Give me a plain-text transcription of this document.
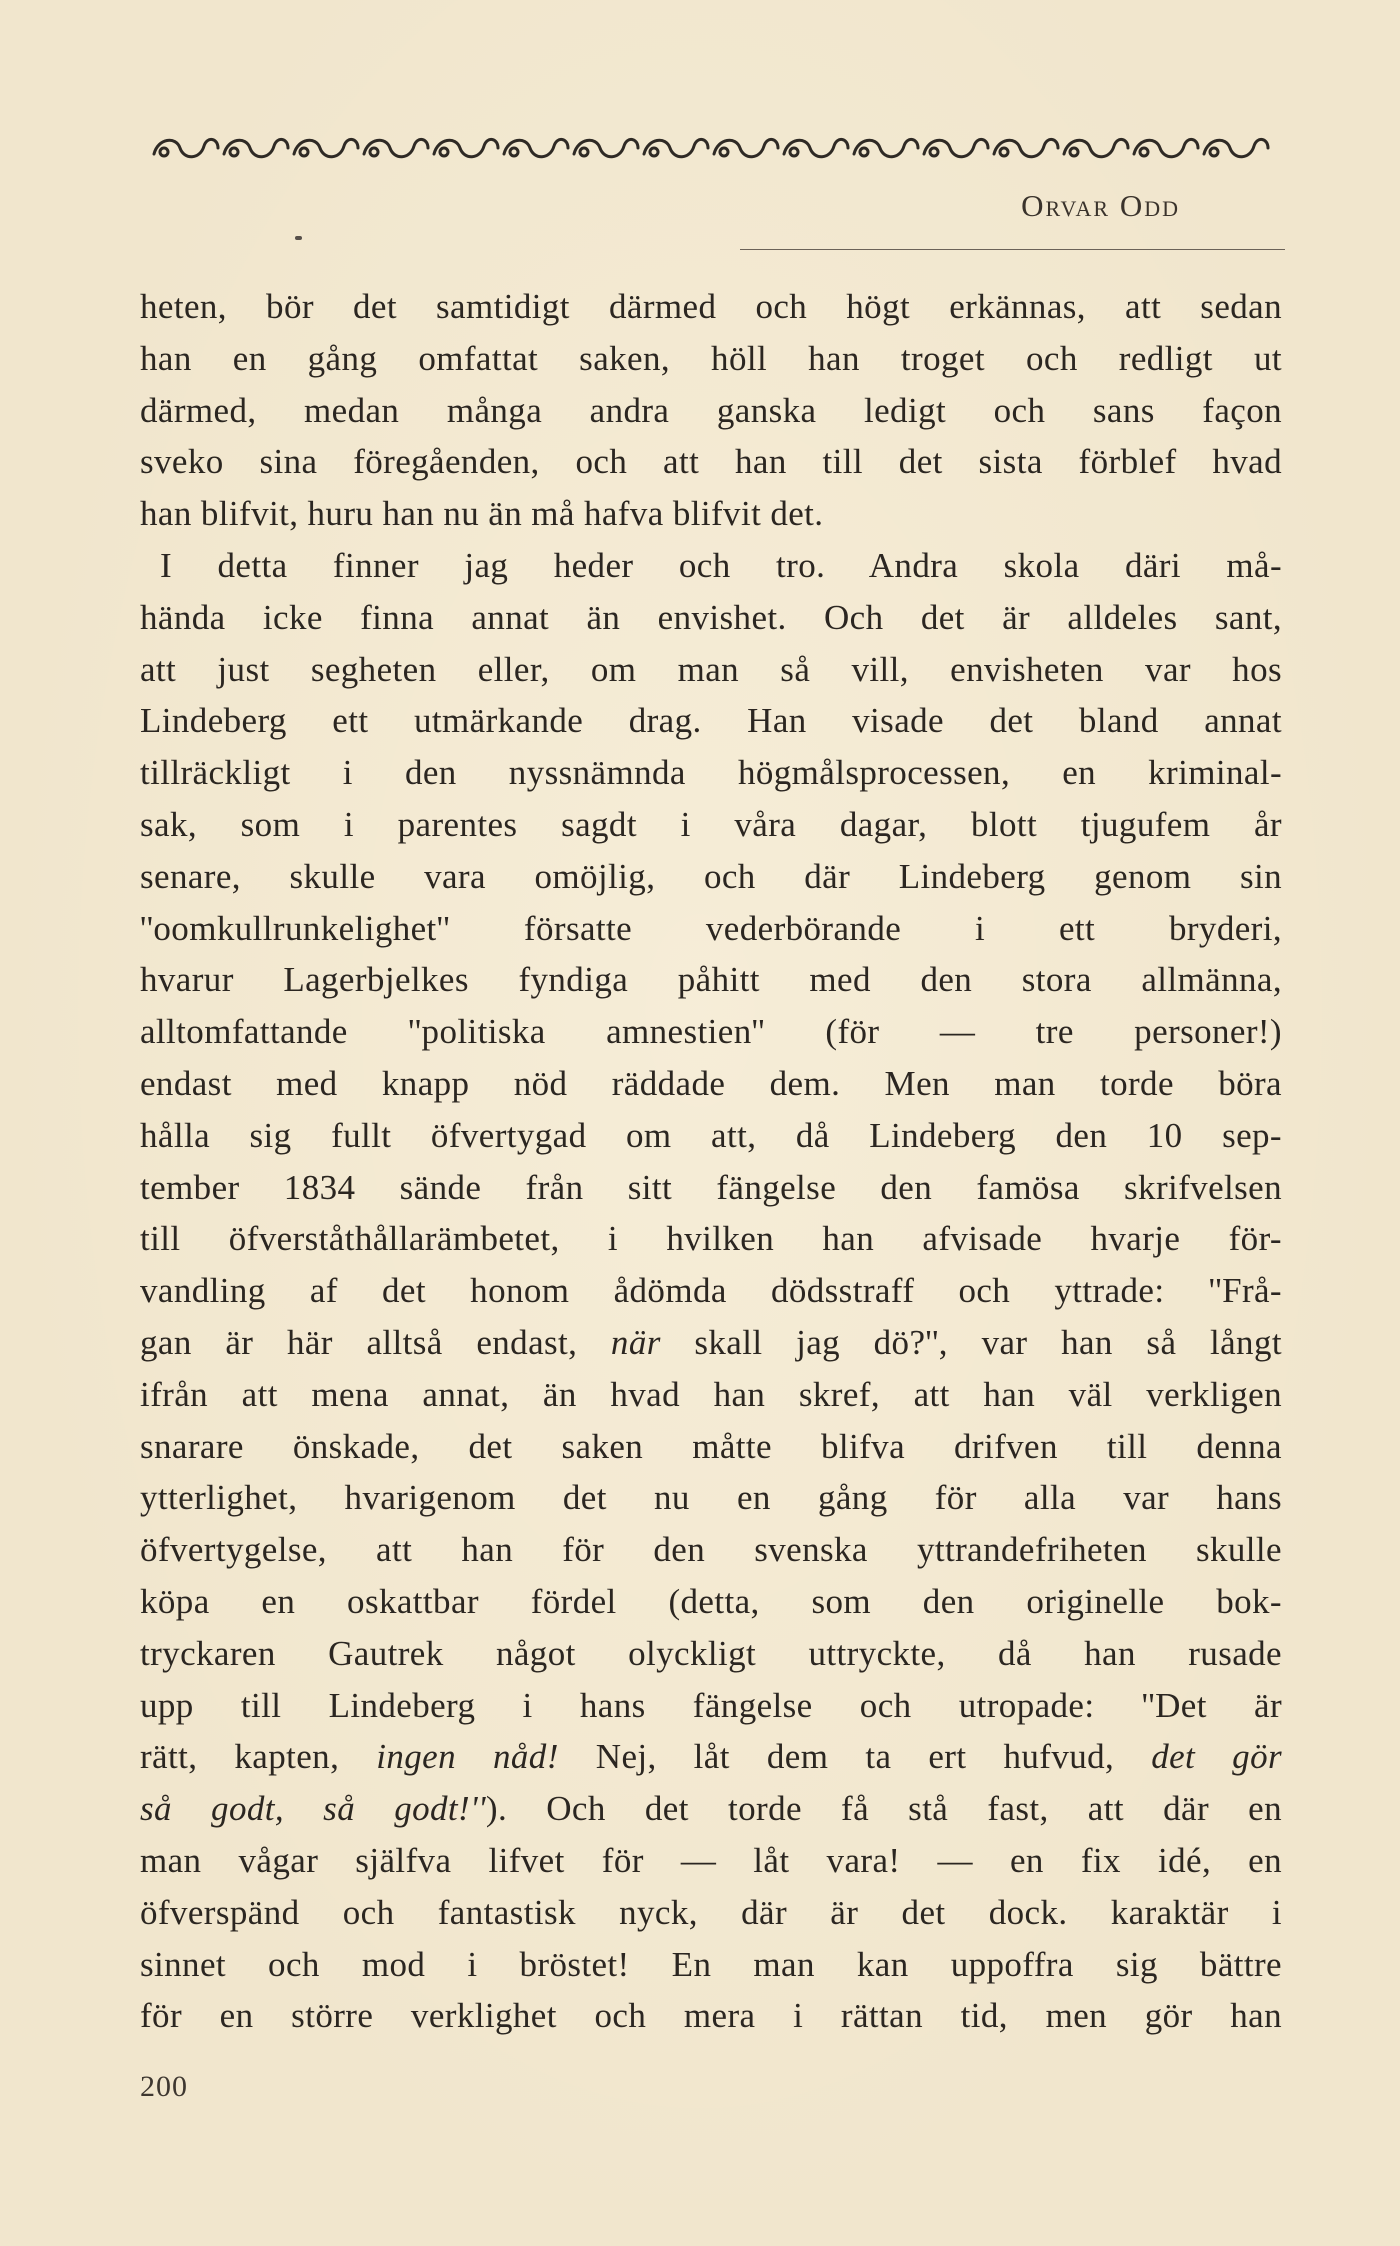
Orvar Odd
heten, bör det samtidigt därmed och högt erkännas, att sedan
han en gång omfattat saken, höll han troget och redligt ut
därmed, medan många andra ganska ledigt och sans façon
sveko sina föregåenden, och att han till det sista förblef hvad
han blifvit, huru han nu än må hafva blifvit det.
I detta finner jag heder och tro. Andra skola däri må-
hända icke finna annat än envishet. Och det är alldeles sant,
att just segheten eller, om man så vill, envisheten var hos
Lindeberg ett utmärkande drag. Han visade det bland annat
tillräckligt i den nyssnämnda högmålsprocessen, en kriminal-
sak, som i parentes sagdt i våra dagar, blott tjugufem år
senare, skulle vara omöjlig, och där Lindeberg genom sin
''oomkullrunkelighet'' försatte vederbörande i ett bryderi,
hvarur Lagerbjelkes fyndiga påhitt med den stora allmänna,
alltomfattande ''politiska amnestien'' (för — tre personer!)
endast med knapp nöd räddade dem. Men man torde böra
hålla sig fullt öfvertygad om att, då Lindeberg den 10 sep-
tember 1834 sände från sitt fängelse den famösa skrifvelsen
till öfverståthållarämbetet, i hvilken han afvisade hvarje för-
vandling af det honom ådömda dödsstraff och yttrade: ''Frå-
gan är här alltså endast, när skall jag dö?'', var han så långt
ifrån att mena annat, än hvad han skref, att han väl verkligen
snarare önskade, det saken måtte blifva drifven till denna
ytterlighet, hvarigenom det nu en gång för alla var hans
öfvertygelse, att han för den svenska yttrandefriheten skulle
köpa en oskattbar fördel (detta, som den originelle bok-
tryckaren Gautrek något olyckligt uttryckte, då han rusade
upp till Lindeberg i hans fängelse och utropade: ''Det är
rätt, kapten, ingen nåd! Nej, låt dem ta ert hufvud, det gör
så godt, så godt!''). Och det torde få stå fast, att där en
man vågar själfva lifvet för — låt vara! — en fix idé, en
öfverspänd och fantastisk nyck, där är det dock. karaktär i
sinnet och mod i bröstet! En man kan uppoffra sig bättre
för en större verklighet och mera i rättan tid, men gör han
200
